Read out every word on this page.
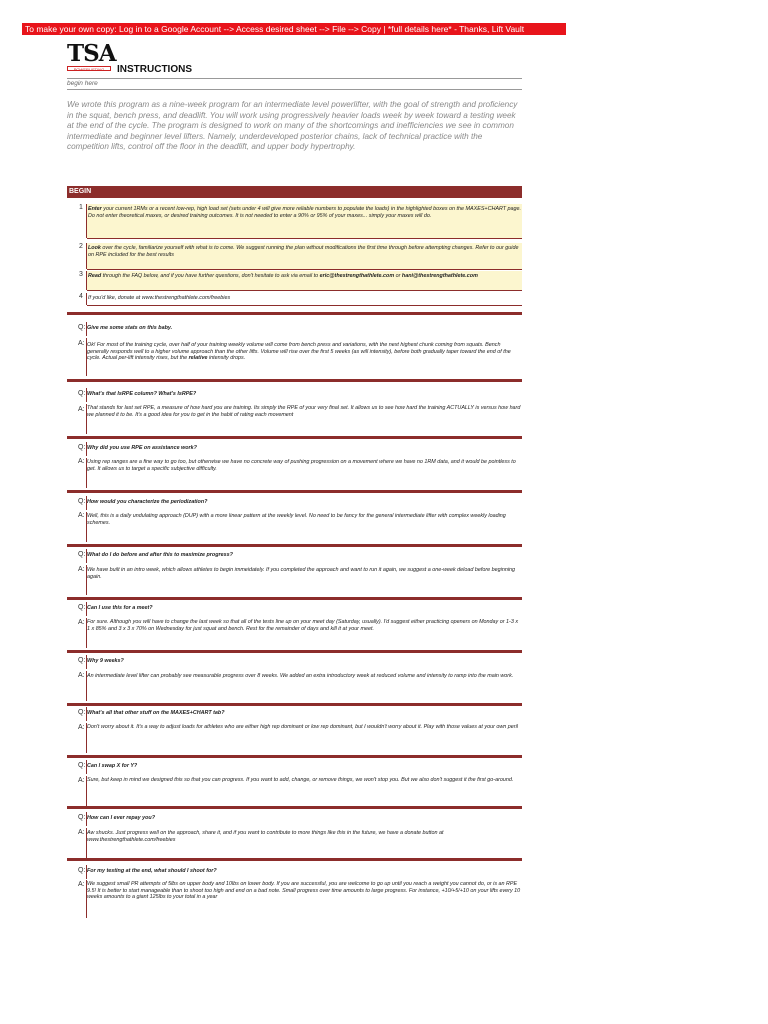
To make your own copy: Log in to a Google Account --> Access desired sheet --> File --> Copy | *full details here* - Thanks, Lift Vault
TSA
POWERLIFTING	INSTRUCTIONS
begin here
We wrote this program as a nine-week program for an intermediate level powerlifter, with the goal of strength and proficiency in the squat, bench press, and deadlift. You will work using progressively heavier loads week by week toward a testing week at the end of the cycle. The program is designed to work on many of the shortcomings and inefficiencies we see in common intermediate and beginner level lifters. Namely, underdeveloped posterior chains, lack of technical practice with the competition lifts, control off the floor in the deadlift, and upper body hypertrophy.
BEGIN
1 Enter your current 1RMs or a recent low-rep, high load set (sets under 4 will give more reliable numbers to populate the loads) in the highlighted boxes on the MAXES+CHART page. Do not enter theoretical maxes, or desired training outcomes. It is not needed to enter a 90% or 95% of your maxes... simply your maxes will do.
2 Look over the cycle, familiarize yourself with what is to come. We suggest running the plan without modifications the first time through before attempting changes. Refer to our guide on RPE included for the best results
3 Read through the FAQ below, and if you have further questions, don't hesitate to ask via email to eric@thestrengthathlete.com or hani@thestrengthathlete.com
4 If you'd like, donate at www.thestrengthathlete.com/freebies
Q: Give me some stats on this baby.
A: Ok! For most of the training cycle, over half of your training weekly volume will come from bench press and variations, with the next highest chunk coming from squats. Bench generally responds well to a higher volume approach than the other lifts. Volume will rise over the first 5 weeks (as will intensity), before both gradually taper toward the end of the cycle. Actual per-lift intensity rises, but the relative intensity drops.
Q: What's that IsRPE column? What's IsRPE?
A: That stands for last set RPE, a measure of how hard you are training. Its simply the RPE of your very final set. It allows us to see how hard the training ACTUALLY is versus how hard we planned it to be. It's a good idea for you to get in the habit of rating each movement
Q: Why did you use RPE on assistance work?
A: Using rep ranges are a fine way to go too, but otherwise we have no concrete way of pushing progression on a movement where we have no 1RM data, and it would be pointless to get. It allows us to target a specific subjective difficulty.
Q: How would you characterize the periodization?
A: Well, this is a daily undulating approach (DUP) with a more linear pattern at the weekly level. No need to be fancy for the general intermediate lifter with complex weekly loading schemes.
Q: What do I do before and after this to maximize progress?
A: We have built in an intro week, which allows athletes to begin immeidately. If you completed the approach and want to run it again, we suggest a one-week deload before beginning again.
Q: Can I use this for a meet?
A: For sure. Although you will have to change the last week so that all of the tests line up on your meet day (Saturday, usually). I'd suggest either practicing openers on Monday or 1-3 x 1 x 85% and 3 x 3 x 70% on Wednesday for just squat and bench. Rest for the remainder of days and kill it at your meet.
Q: Why 9 weeks?
A: An intermediate level lifter can probably see measurable progress over 8 weeks. We added an extra introductory week at reduced volume and intensity to ramp into the main work.
Q: What's all that other stuff on the MAXES+CHART tab?
A: Don't worry about it. It's a way to adjust loads for athletes who are either high rep dominant or low rep dominant, but I wouldn't worry about it. Play with those values at your own peril
Q: Can I swap X for Y?
A: Sure, but keep in mind we designed this so that you can progress. If you want to add, change, or remove things, we won't stop you. But we also don't suggest it the first go-around.
Q: How can I ever repay you?
A: Aw shucks. Just progress well on the approach, share it, and if you want to contribute to more things like this in the future, we have a donate button at www.thestrengthathlete.com/freebies
Q: For my testing at the end, what should I shoot for?
A: We suggest small PR attempts of 5lbs on upper body and 10lbs on lower body. If you are successful, you are welcome to go up until you reach a weight you cannot do, or is an RPE 9.5! It is better to start manageable than to shoot too high and end on a bad note. Small progress over time amounts to large progress. For instance, +10/+5/+10 on your lifts every 10 weeks amounts to a giant 125lbs to your total in a year
